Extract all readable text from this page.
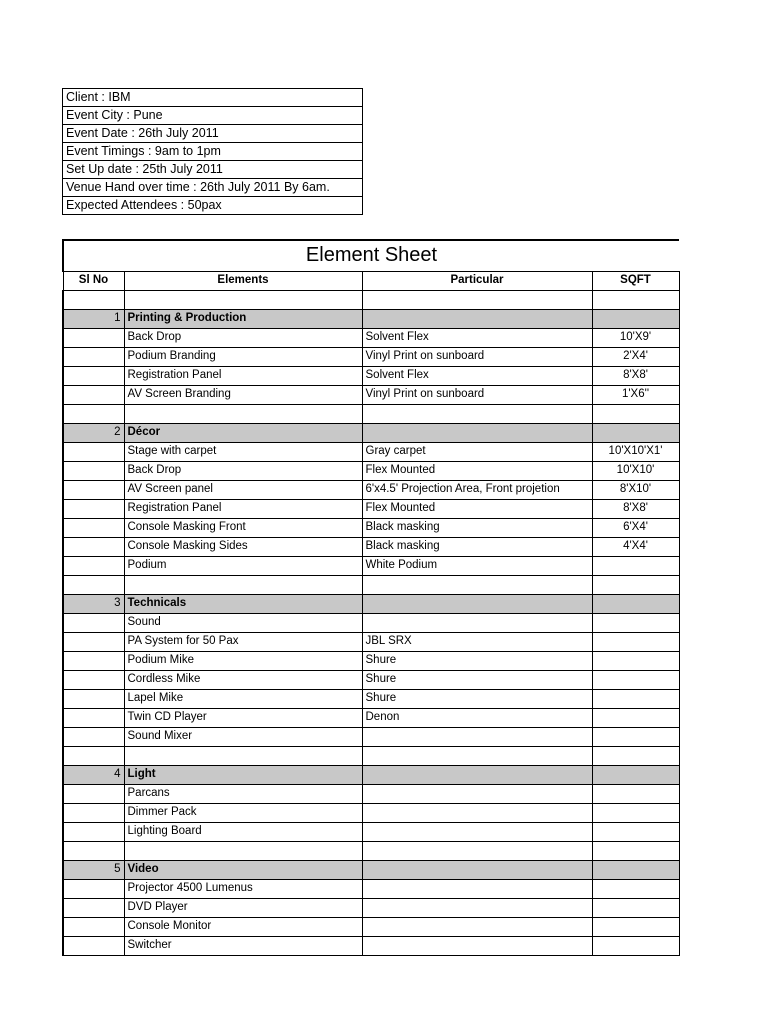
Client : IBM
Event City : Pune
Event Date : 26th July 2011
Event Timings : 9am to 1pm
Set Up date : 25th July 2011
Venue Hand over time : 26th July 2011 By 6am.
Expected Attendees : 50pax
Element Sheet			
Sl No	Elements	Particular	SQFT

1	Printing & Production		
	Back Drop	Solvent Flex	10'X9'
	Podium Branding	Vinyl Print on sunboard	2'X4'
	Registration Panel	Solvent Flex	8'X8'
	AV Screen Branding	Vinyl Print on sunboard	1'X6''

2	Décor		
	Stage with carpet	Gray carpet	10'X10'X1'
	Back Drop	Flex Mounted	10'X10'
	AV Screen panel	6'x4.5' Projection Area, Front projetion	8'X10'
	Registration Panel	Flex Mounted	8'X8'
	Console Masking Front	Black masking	6'X4'
	Console Masking Sides	Black masking	4'X4'
	Podium	White Podium	

3	Technicals		
	Sound		
	PA System for 50 Pax	JBL SRX	
	Podium Mike	Shure	
	Cordless Mike	Shure	
	Lapel Mike	Shure	
	Twin CD Player	Denon	
	Sound Mixer		

4	Light		
	Parcans		
	Dimmer Pack		
	Lighting Board		

5	Video		
	Projector 4500 Lumenus		
	DVD Player		
	Console Monitor		
	Switcher		
